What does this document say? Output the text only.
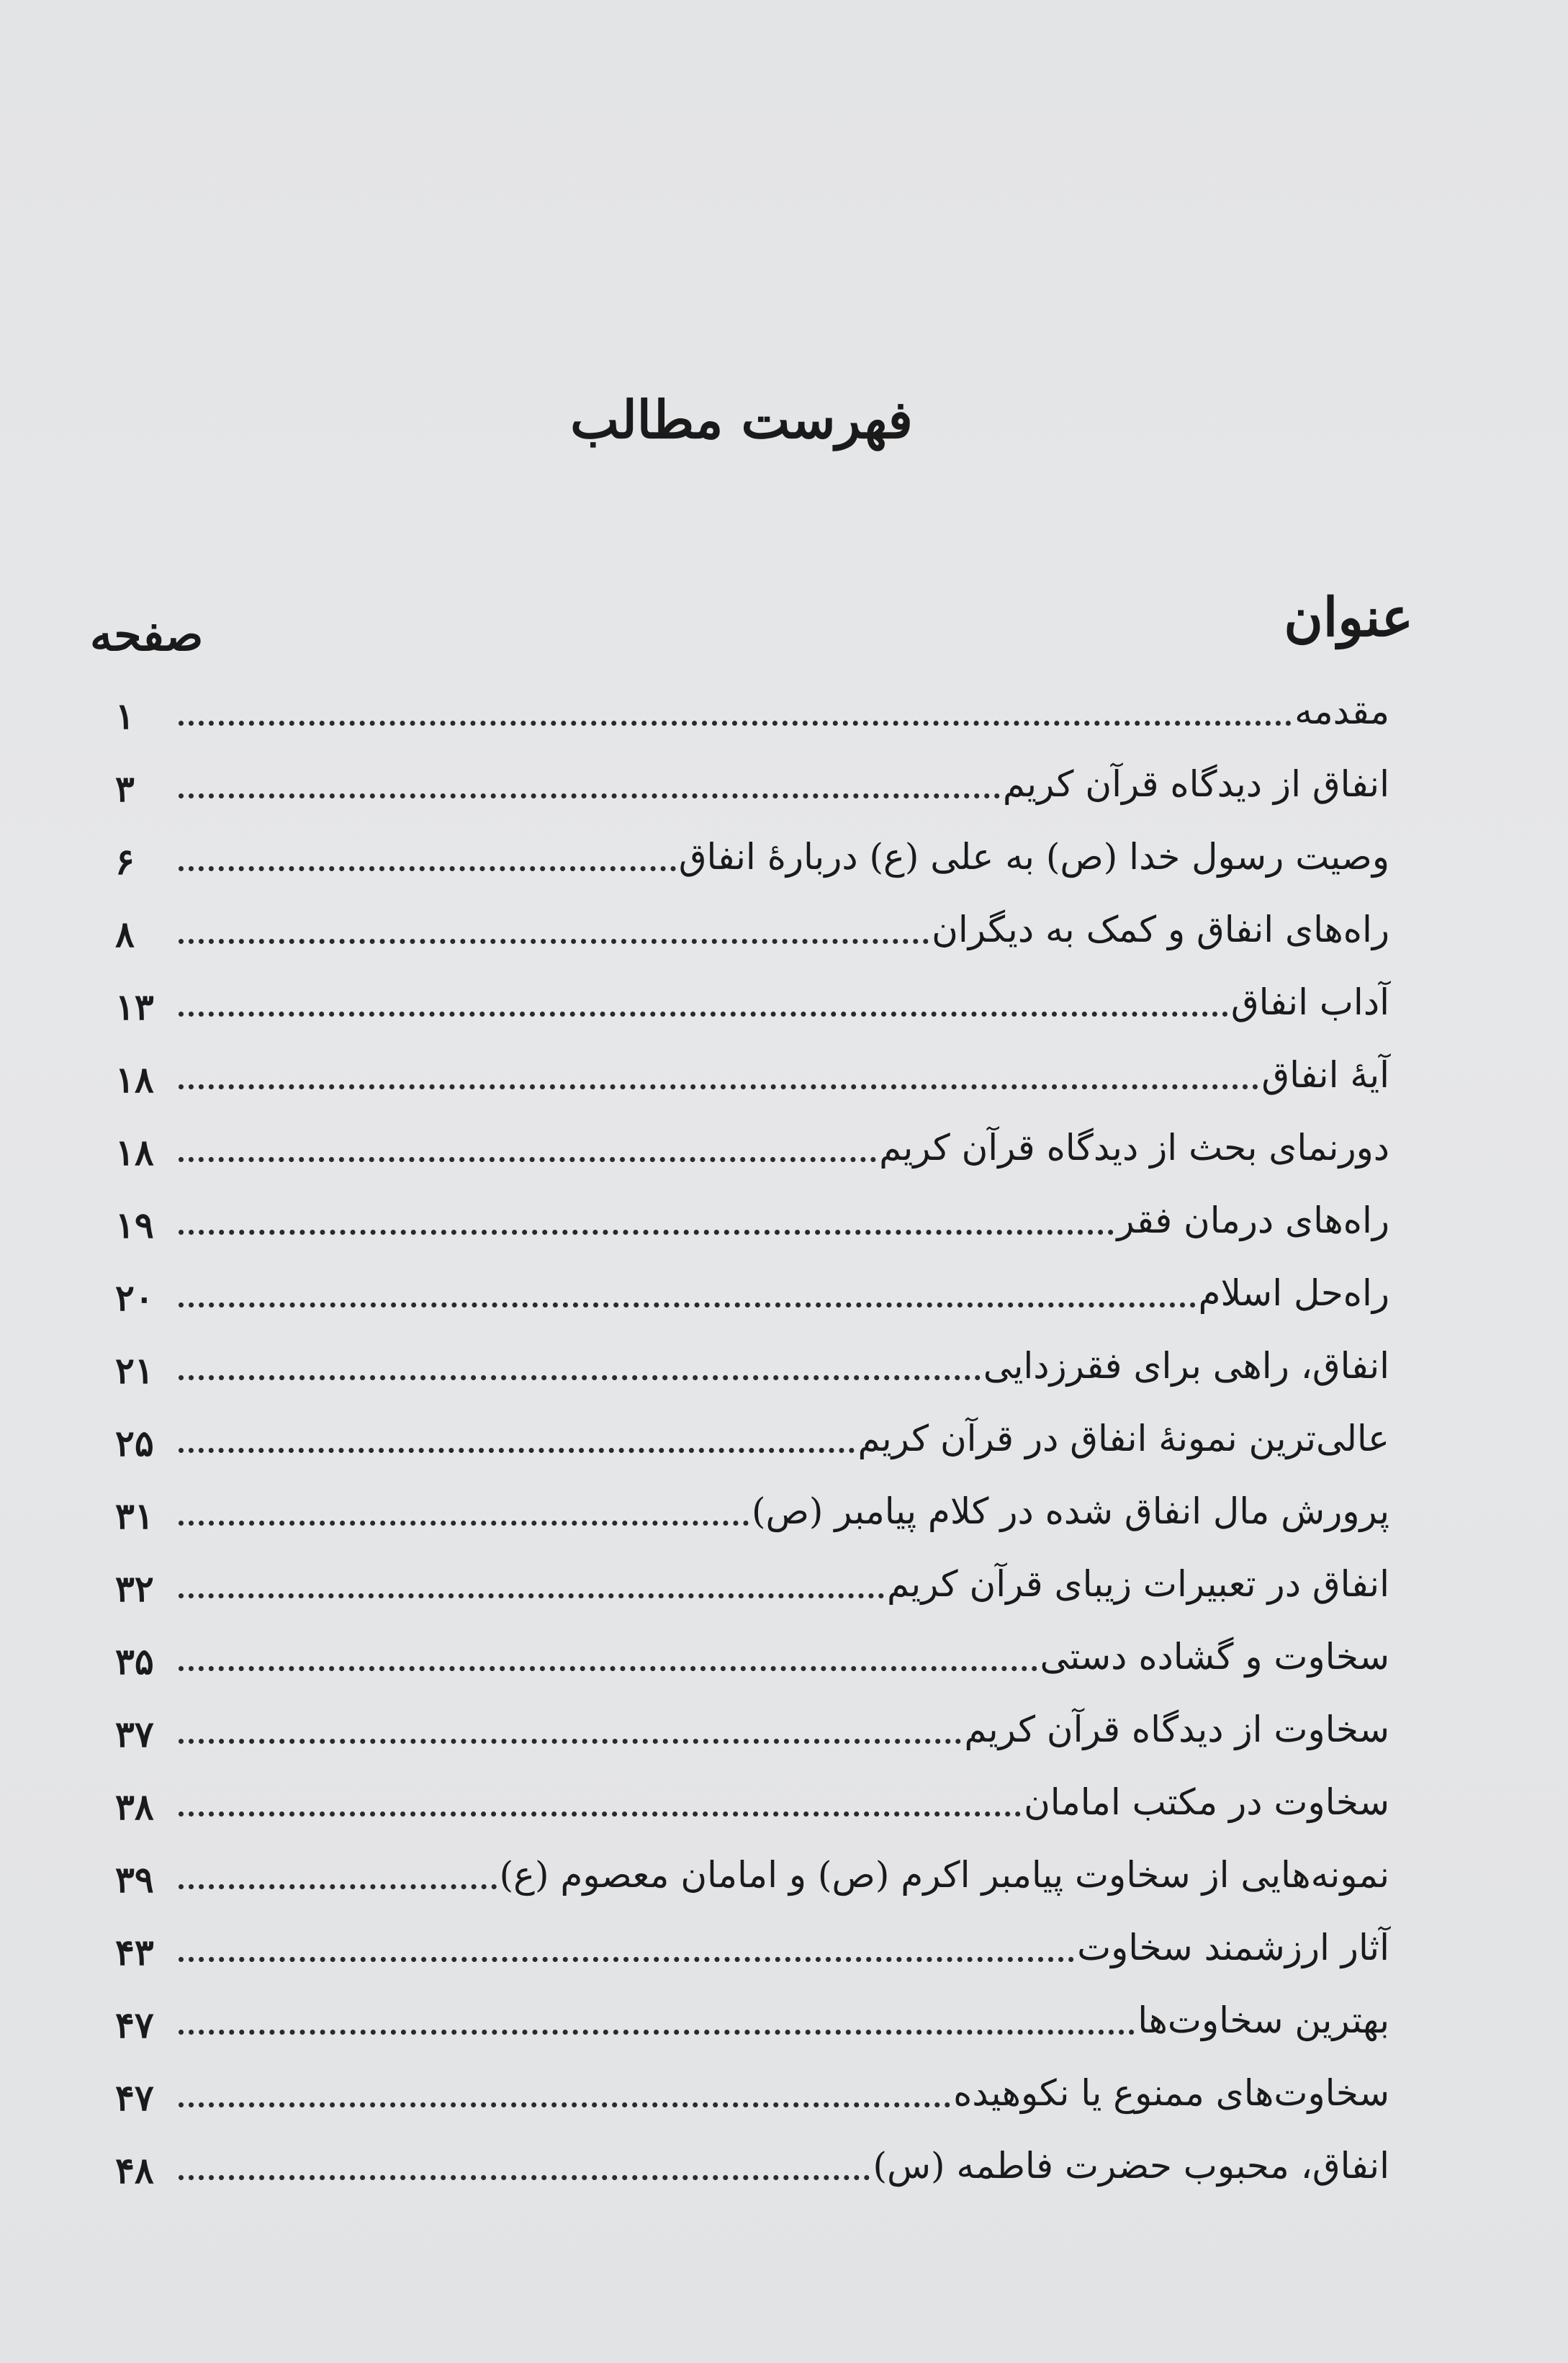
فهرست مطالب
عنوان
صفحه
مقدمه
۱
انفاق از دیدگاه قرآن کریم
۳
وصیت رسول خدا (ص) به علی (ع) دربارهٔ انفاق
۶
راه‌های انفاق و کمک به دیگران
۸
آداب انفاق
۱۳
آیهٔ انفاق
۱۸
دورنمای بحث از دیدگاه قرآن کریم
۱۸
راه‌های درمان فقر
۱۹
راه‌حل اسلام
۲۰
انفاق، راهی برای فقرزدایی
۲۱
عالی‌ترین نمونهٔ انفاق در قرآن کریم
۲۵
پرورش مال انفاق شده در کلام پیامبر (ص)
۳۱
انفاق در تعبیرات زیبای قرآن کریم
۳۲
سخاوت و گشاده دستی
۳۵
سخاوت از دیدگاه قرآن کریم
۳۷
سخاوت در مکتب امامان
۳۸
نمونه‌هایی از سخاوت پیامبر اکرم (ص) و امامان معصوم (ع)
۳۹
آثار ارزشمند سخاوت
۴۳
بهترین سخاوت‌ها
۴۷
سخاوت‌های ممنوع یا نکوهیده
۴۷
انفاق، محبوب حضرت فاطمه (س)
۴۸
